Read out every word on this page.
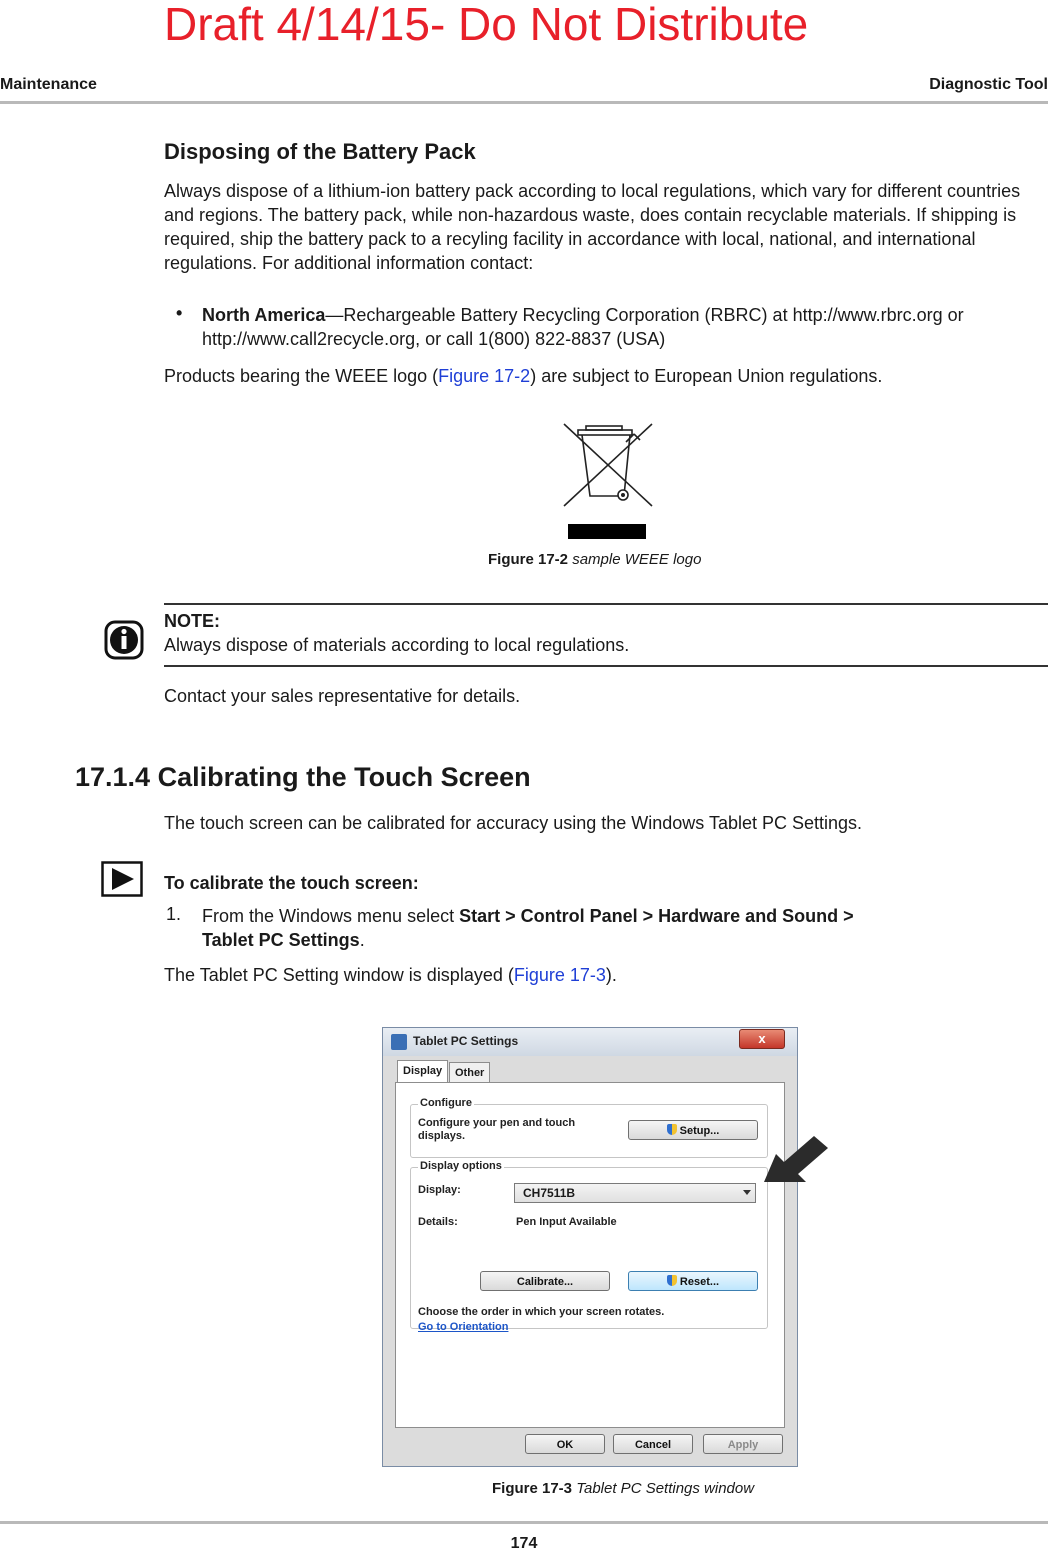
Draft 4/14/15- Do Not Distribute
Maintenance	Diagnostic Tool
Disposing of the Battery Pack

Always dispose of a lithium-ion battery pack according to local regulations, which vary for different countries and regions. The battery pack, while non-hazardous waste, does contain recyclable materials. If shipping is required, ship the battery pack to a recyling facility in accordance with local, national, and international regulations. For additional information contact:

• North America—Rechargeable Battery Recycling Corporation (RBRC) at http://www.rbrc.org or http://www.call2recycle.org, or call 1(800) 822-8837 (USA)

Products bearing the WEEE logo (Figure 17-2) are subject to European Union regulations.

Figure 17-2 sample WEEE logo
NOTE:
Always dispose of materials according to local regulations.
Contact your sales representative for details.
17.1.4 Calibrating the Touch Screen
The touch screen can be calibrated for accuracy using the Windows Tablet PC Settings.
To calibrate the touch screen:
1. From the Windows menu select Start > Control Panel > Hardware and Sound >
Tablet PC Settings.
The Tablet PC Setting window is displayed (Figure 17-3).
Tablet PC Settings	x
Display	Other
Configure
Configure your pen and touch displays.	Setup...
Display options
Display:	CH7511B
Details:	Pen Input Available
Calibrate...	Reset...
Choose the order in which your screen rotates.
Go to Orientation
OK	Cancel	Apply
Figure 17-3 Tablet PC Settings window
174
